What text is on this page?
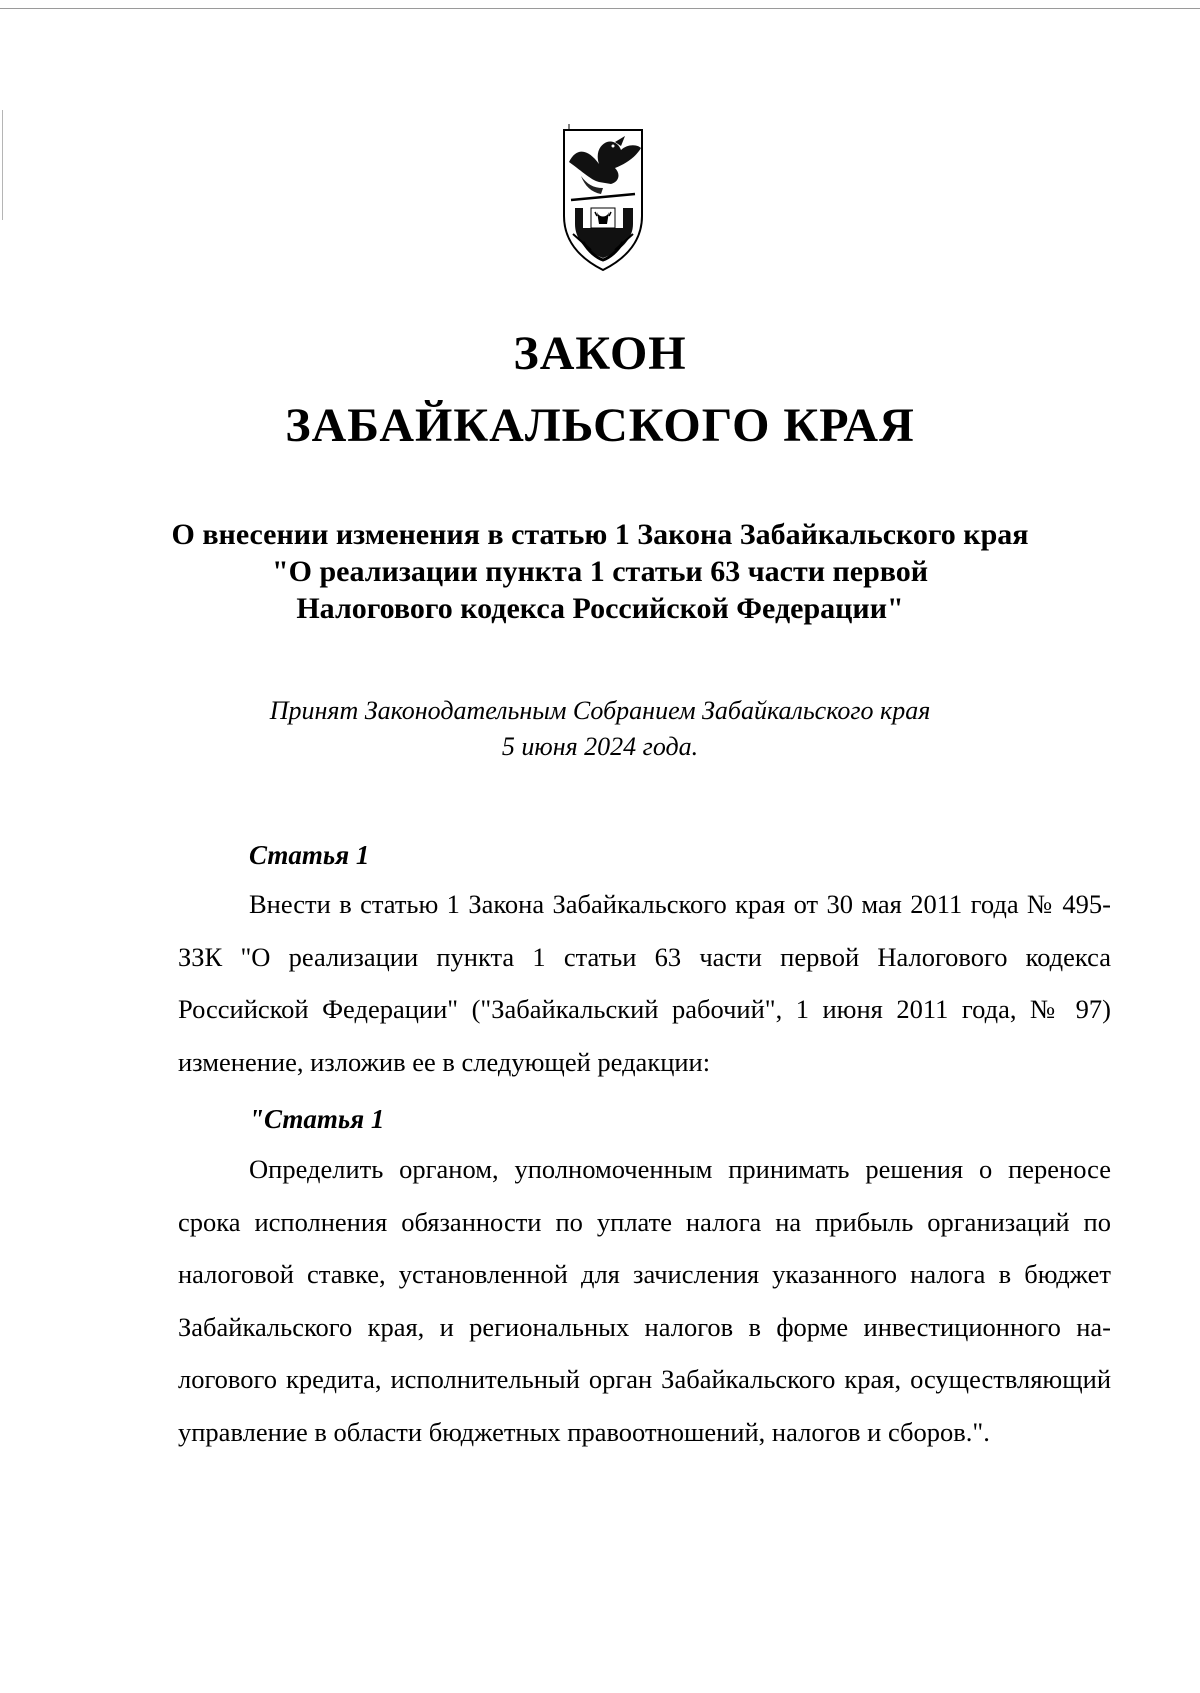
ЗАКОН
ЗАБАЙКАЛЬСКОГО КРАЯ
О внесении изменения в статью 1 Закона Забайкальского края
"О реализации пункта 1 статьи 63 части первой
Налогового кодекса Российской Федерации"
Принят Законодательным Собранием Забайкальского края
5 июня 2024 года.
Статья 1
Внести в статью 1 Закона Забайкальского края от 30 мая 2011 года № 495-ЗЗК "О реализации пункта 1 статьи 63 части первой Налогового кодекса Российской Федерации" ("Забайкальский рабочий", 1 июня 2011 года, № 97) изменение, изложив ее в следующей редакции:
"Статья 1
Определить органом, уполномоченным принимать решения о переносе срока исполнения обязанности по уплате налога на прибыль организаций по налоговой ставке, установленной для зачисления указанного налога в бюджет Забайкальского края, и региональных налогов в форме инвестиционного налогового кредита, исполнительный орган Забайкальского края, осуществляющий управление в области бюджетных правоотношений, налогов и сборов.".
